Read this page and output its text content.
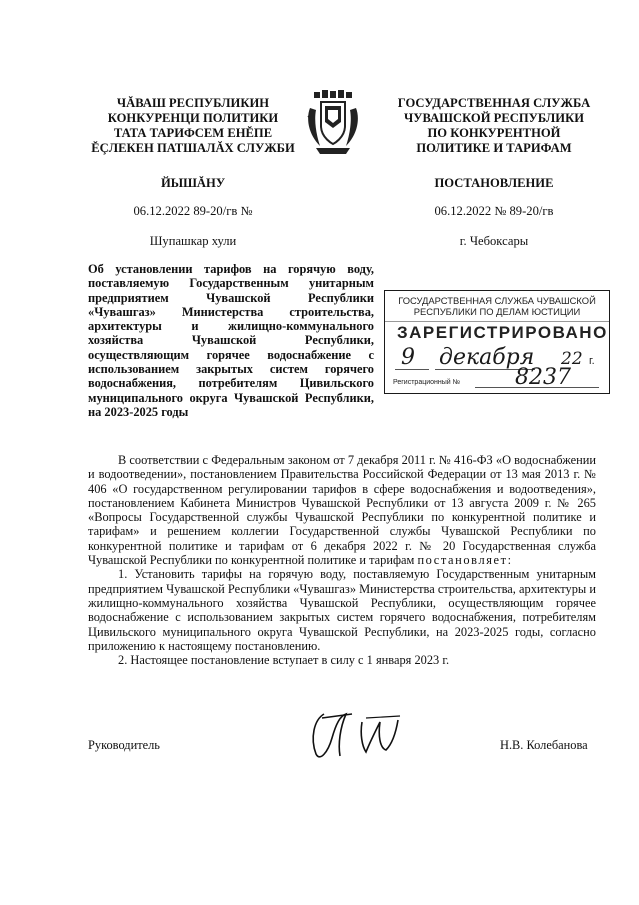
ЧĂВАШ РЕСПУБЛИКИН
КОНКУРЕНЦИ ПОЛИТИКИ
ТАТА ТАРИФСЕМ ЕНĔПЕ
ĔÇЛЕКЕН ПАТШАЛĂХ СЛУЖБИ
ГОСУДАРСТВЕННАЯ СЛУЖБА
ЧУВАШСКОЙ РЕСПУБЛИКИ
ПО КОНКУРЕНТНОЙ
ПОЛИТИКЕ И ТАРИФАМ
ЙЫШĂНУ	ПОСТАНОВЛЕНИЕ
06.12.2022 89-20/гв №	06.12.2022 № 89-20/гв
Шупашкар хули	г. Чебоксары
Об установлении тарифов на горячую воду, поставляемую Государственным унитарным предприятием Чувашской Республики «Чувашгаз» Министерства строительства, архитектуры и жилищно-коммунального хозяйства Чувашской Республики, осуществляющим горячее водоснабжение с использованием закрытых систем горячего водоснабжения, потребителям Цивильского муниципального округа Чувашской Республики, на 2023-2025 годы
ГОСУДАРСТВЕННАЯ СЛУЖБА ЧУВАШСКОЙ
РЕСПУБЛИКИ ПО ДЕЛАМ ЮСТИЦИИ
ЗАРЕГИСТРИРОВАНО
9 декабря 22 г.
Регистрационный № 8237

В соответствии с Федеральным законом от 7 декабря 2011 г. № 416-ФЗ «О водоснабжении и водоотведении», постановлением Правительства Российской Федерации от 13 мая 2013 г. № 406 «О государственном регулировании тарифов в сфере водоснабжения и водоотведения», постановлением Кабинета Министров Чувашской Республики от 13 августа 2009 г. № 265 «Вопросы Государственной службы Чувашской Республики по конкурентной политике и тарифам» и решением коллегии Государственной службы Чувашской Республики по конкурентной политике и тарифам от 6 декабря 2022 г. № 20 Государственная служба Чувашской Республики по конкурентной политике и тарифам постановляет:

1. Установить тарифы на горячую воду, поставляемую Государственным унитарным предприятием Чувашской Республики «Чувашгаз» Министерства строительства, архитектуры и жилищно-коммунального хозяйства Чувашской Республики, осуществляющим горячее водоснабжение с использованием закрытых систем горячего водоснабжения, потребителям Цивильского муниципального округа Чувашской Республики, на 2023-2025 годы, согласно приложению к настоящему постановлению.

2. Настоящее постановление вступает в силу с 1 января 2023 г.

Руководитель	Н.В. Колебанова
